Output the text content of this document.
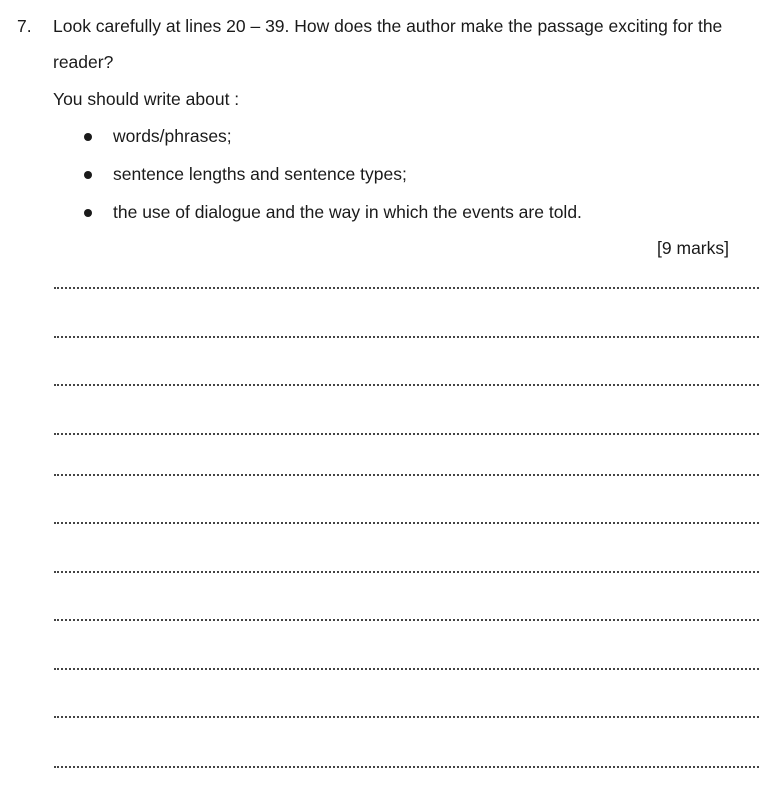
7. Look carefully at lines 20 – 39. How does the author make the passage exciting for the
reader?
You should write about :
words/phrases;
sentence lengths and sentence types;
the use of dialogue and the way in which the events are told.
[9 marks]
